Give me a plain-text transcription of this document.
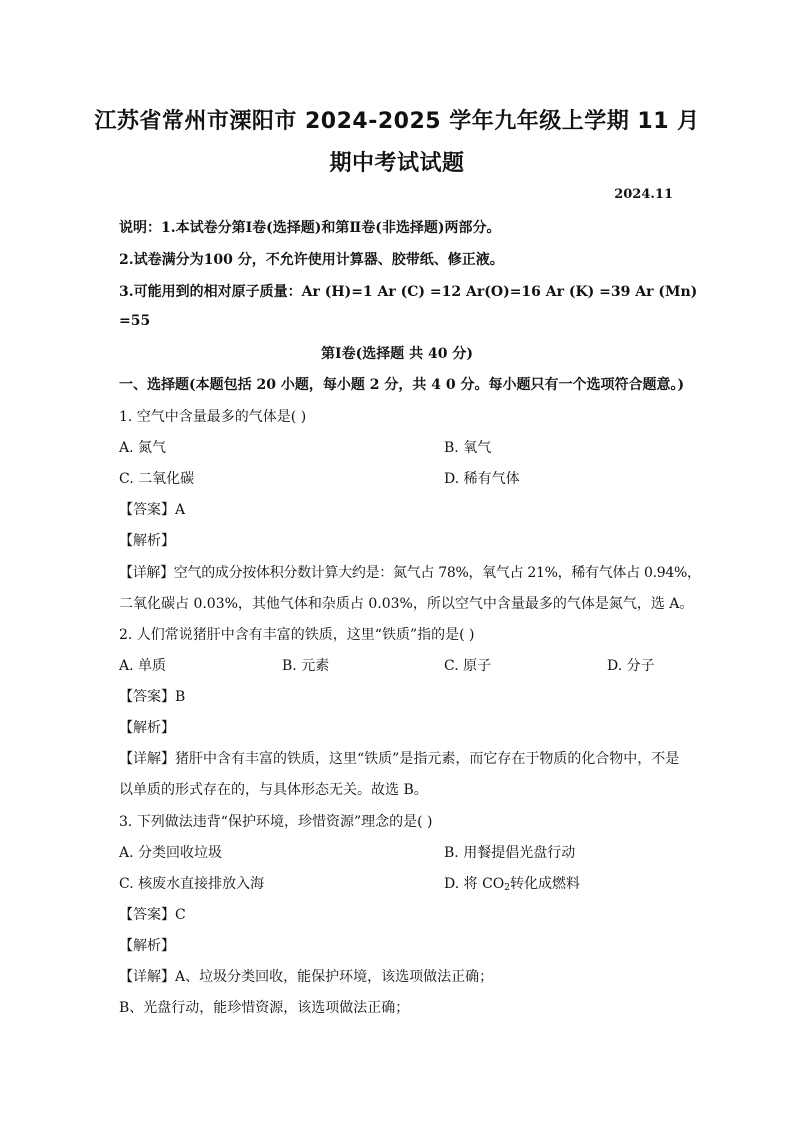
江苏省常州市溧阳市 2024-2025 学年九年级上学期 11 月
期中考试试题
2024.11
说明：1.本试卷分第Ⅰ卷(选择题)和第Ⅱ卷(非选择题)两部分。
2.试卷满分为100 分，不允许使用计算器、胶带纸、修正液。
3.可能用到的相对原子质量：Ar (H)=1 Ar (C) =12 Ar(O)=16 Ar (K) =39 Ar (Mn)
=55
第Ⅰ卷(选择题 共 40 分)
一、选择题(本题包括 20 小题，每小题 2 分，共 4 0 分。每小题只有一个选项符合题意。)
1. 空气中含量最多的气体是( )
A. 氮气	B. 氧气
C. 二氧化碳	D. 稀有气体
【答案】A
【解析】
【详解】空气的成分按体积分数计算大约是：氮气占 78%，氧气占 21%，稀有气体占 0.94%，
二氧化碳占 0.03%，其他气体和杂质占 0.03%，所以空气中含量最多的气体是氮气，选 A。
2. 人们常说猪肝中含有丰富的铁质，这里“铁质”指的是( )
A. 单质	B. 元素	C. 原子	D. 分子
【答案】B
【解析】
【详解】猪肝中含有丰富的铁质，这里“铁质”是指元素，而它存在于物质的化合物中，不是
以单质的形式存在的，与具体形态无关。故选 B。
3. 下列做法违背“保护环境，珍惜资源”理念的是( )
A. 分类回收垃圾	B. 用餐提倡光盘行动
C. 核废水直接排放入海	D. 将 $CO_2$转化成燃料
【答案】C
【解析】
【详解】A、垃圾分类回收，能保护环境，该选项做法正确；
B、光盘行动，能珍惜资源，该选项做法正确；
